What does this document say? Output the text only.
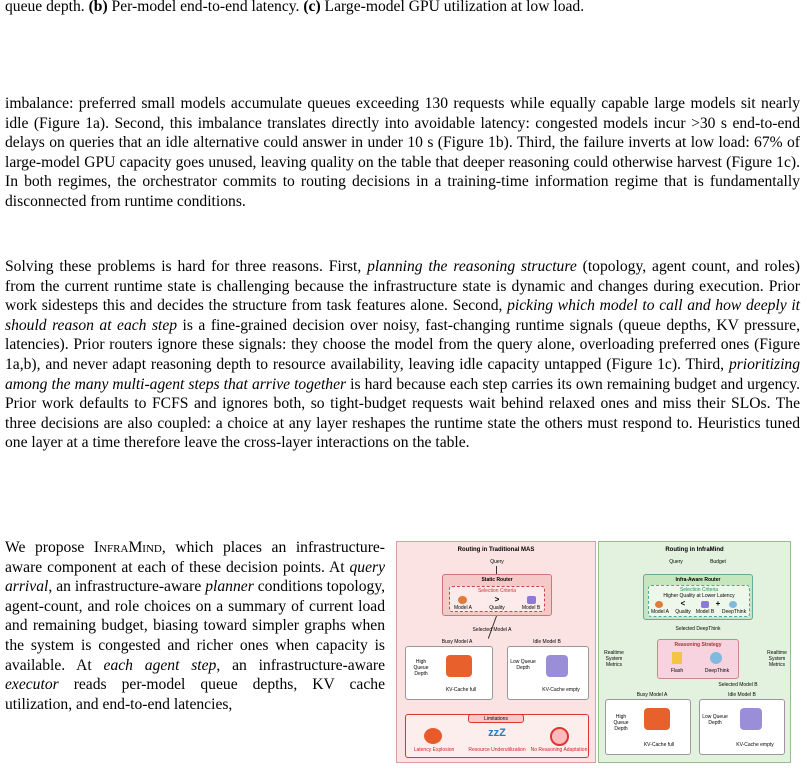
queue depth. (b) Per-model end-to-end latency. (c) Large-model GPU utilization at low load.
imbalance: preferred small models accumulate queues exceeding 130 requests while equally capable large models sit nearly idle (Figure 1a). Second, this imbalance translates directly into avoidable latency: congested models incur >30 s end-to-end delays on queries that an idle alternative could answer in under 10 s (Figure 1b). Third, the failure inverts at low load: 67% of large-model GPU capacity goes unused, leaving quality on the table that deeper reasoning could otherwise harvest (Figure 1c). In both regimes, the orchestrator commits to routing decisions in a training-time information regime that is fundamentally disconnected from runtime conditions.
Solving these problems is hard for three reasons. First, planning the reasoning structure (topology, agent count, and roles) from the current runtime state is challenging because the infrastructure state is dynamic and changes during execution. Prior work sidesteps this and decides the structure from task features alone. Second, picking which model to call and how deeply it should reason at each step is a fine-grained decision over noisy, fast-changing runtime signals (queue depths, KV pressure, latencies). Prior routers ignore these signals: they choose the model from the query alone, overloading preferred ones (Figure 1a,b), and never adapt reasoning depth to resource availability, leaving idle capacity untapped (Figure 1c). Third, prioritizing among the many multi-agent steps that arrive together is hard because each step carries its own remaining budget and urgency. Prior work defaults to FCFS and ignores both, so tight-budget requests wait behind relaxed ones and miss their SLOs. The three decisions are also coupled: a choice at any layer reshapes the runtime state the others must respond to. Heuristics tuned one layer at a time therefore leave the cross-layer interactions on the table.
We propose InfraMind, which places an infrastructure-aware component at each of these decision points. At query arrival, an infrastructure-aware planner conditions topology, agent-count, and role choices on a summary of current load and remaining budget, biasing toward simpler graphs when the system is congested and richer ones when capacity is available. At each agent step, an infrastructure-aware executor reads per-model queue depths, KV cache utilization, and end-to-end latencies,
Routing in Traditional MAS
Query
Static Router
Selection Criteria
Model A
>
Quality	Model B
Selected Model A
Busy Model A	Idle Model B
High Queue Depth
KV-Cache full
Low Queue Depth
KV-Cache empty
Limitations
Latency Explosion
zzZ
Resource Underutilization	No Reasoning Adaptation
Routing in InfraMind
Query	Budget
Infra-Aware Router
Selection Criteria
Higher Quality at Lower Latency
Model A
<
Quality	Model B
+
DeepThink
Selected DeepThink
Reasoning Strategy
Flash	DeepThink
Realtime System Metrics
Realtime System Metrics
Selected Model B
Busy Model A	Idle Model B
High Queue Depth
KV-Cache full
Low Queue Depth
KV-Cache empty
